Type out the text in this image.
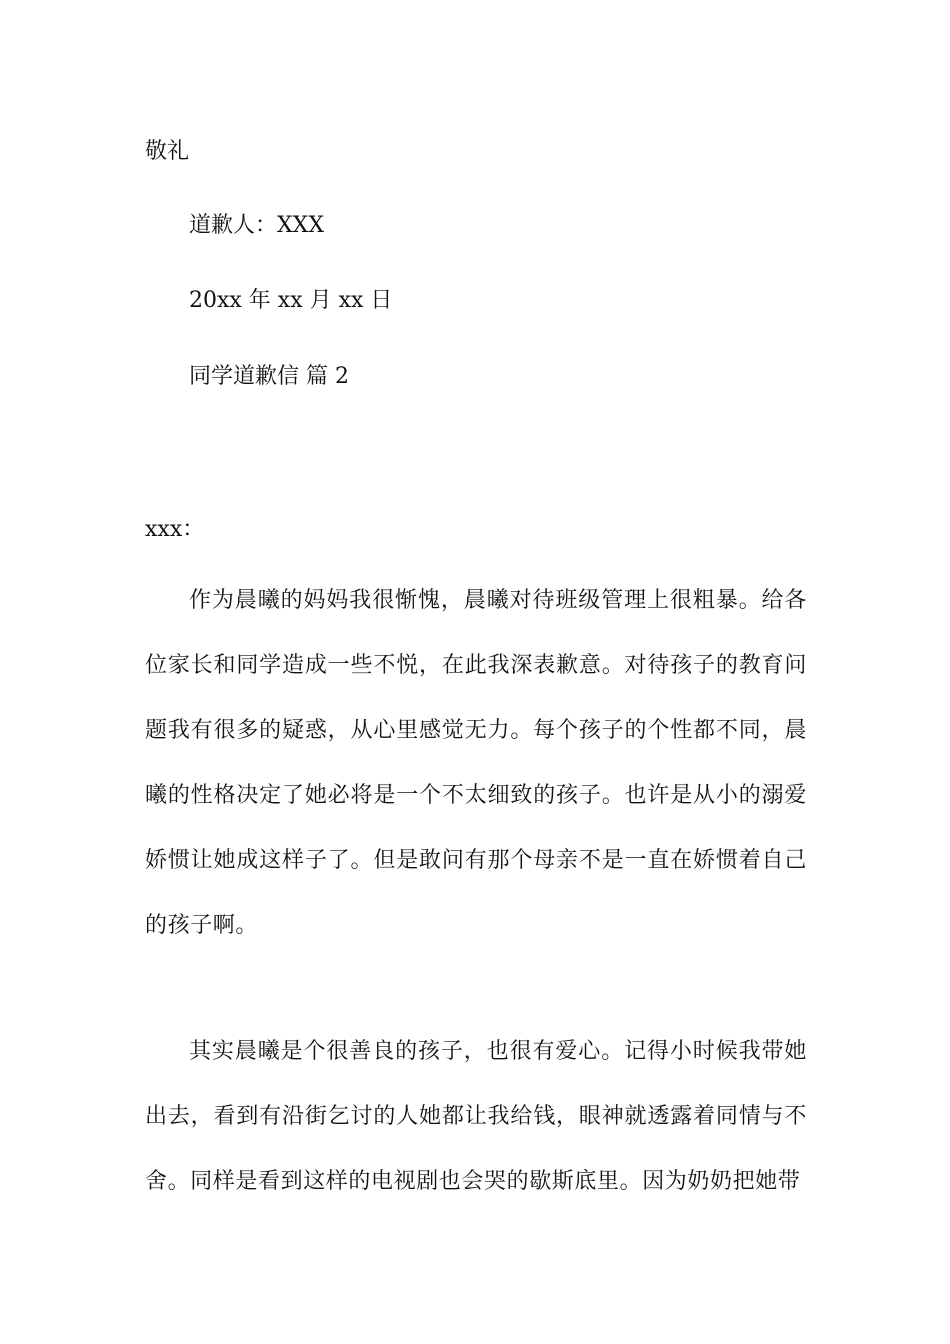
敬礼
道歉人：XXX
20xx 年 xx 月 xx 日
同学道歉信 篇 2
xxx：

作为晨曦的妈妈我很惭愧，晨曦对待班级管理上很粗暴。给各位家长和同学造成一些不悦，在此我深表歉意。对待孩子的教育问题我有很多的疑惑，从心里感觉无力。每个孩子的个性都不同，晨曦的性格决定了她必将是一个不太细致的孩子。也许是从小的溺爱娇惯让她成这样子了。但是敢问有那个母亲不是一直在娇惯着自己的孩子啊。

其实晨曦是个很善良的孩子，也很有爱心。记得小时候我带她出去，看到有沿街乞讨的人她都让我给钱，眼神就透露着同情与不舍。同样是看到这样的电视剧也会哭的歇斯底里。因为奶奶把她带
